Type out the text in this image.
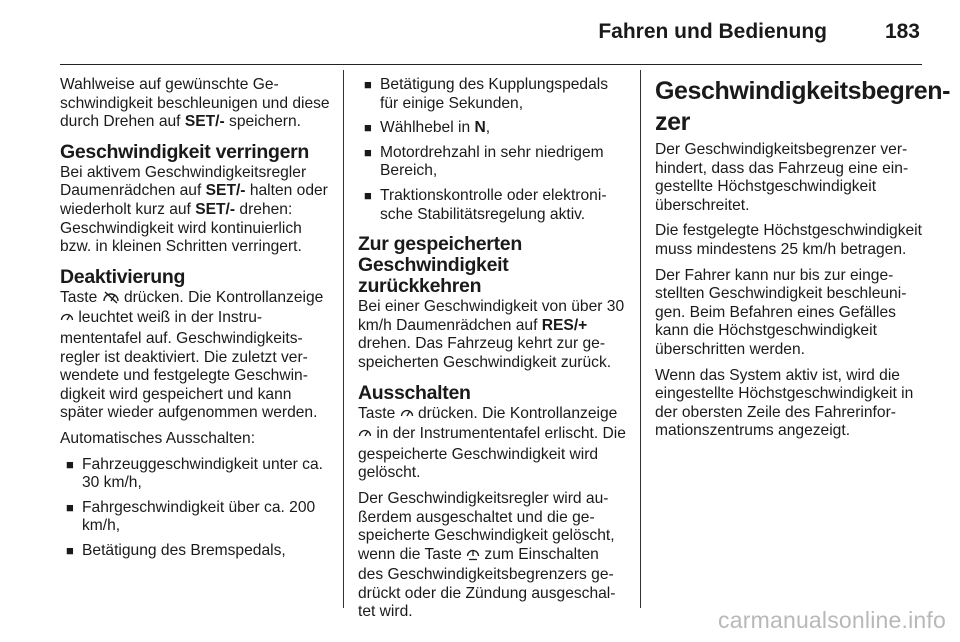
Fahren und Bedienung	183

Wahlweise auf gewünschte Geschwindigkeit beschleunigen und diese durch Drehen auf SET/- speichern.

Geschwindigkeit verringern

Bei aktivem Geschwindigkeitsregler Daumenrädchen auf SET/- halten oder wiederholt kurz auf SET/- drehen: Geschwindigkeit wird kontinuierlich bzw. in kleinen Schritten verringert.

Deaktivierung

Taste  drücken. Die Kontrollanzeige  leuchtet weiß in der Instrumententafel auf. Geschwindigkeitsregler ist deaktiviert. Die zuletzt verwendete und festgelegte Geschwindigkeit wird gespeichert und kann später wieder aufgenommen werden.

Automatisches Ausschalten:

■ Fahrzeuggeschwindigkeit unter ca. 30 km/h,
■ Fahrgeschwindigkeit über ca. 200 km/h,
■ Betätigung des Bremspedals,
■ Betätigung des Kupplungspedals für einige Sekunden,
■ Wählhebel in N,
■ Motordrehzahl in sehr niedrigem Bereich,
■ Traktionskontrolle oder elektronische Stabilitätsregelung aktiv.
Zur gespeicherten Geschwindigkeit zurückkehren

Bei einer Geschwindigkeit von über 30 km/h Daumenrädchen auf RES/+ drehen. Das Fahrzeug kehrt zur gespeicherten Geschwindigkeit zurück.

Ausschalten

Taste  drücken. Die Kontrollanzeige  in der Instrumententafel erlischt. Die gespeicherte Geschwindigkeit wird gelöscht.

Der Geschwindigkeitsregler wird außerdem ausgeschaltet und die gespeicherte Geschwindigkeit gelöscht, wenn die Taste  zum Einschalten des Geschwindigkeitsbegrenzers gedrückt oder die Zündung ausgeschaltet wird.

Geschwindigkeitsbegrenzer

Der Geschwindigkeitsbegrenzer verhindert, dass das Fahrzeug eine eingestellte Höchstgeschwindigkeit überschreitet.

Die festgelegte Höchstgeschwindigkeit muss mindestens 25 km/h betragen.

Der Fahrer kann nur bis zur eingestellten Geschwindigkeit beschleunigen. Beim Befahren eines Gefälles kann die Höchstgeschwindigkeit überschritten werden.

Wenn das System aktiv ist, wird die eingestellte Höchstgeschwindigkeit in der obersten Zeile des Fahrerinformationszentrums angezeigt.

carmanualsonline.info
